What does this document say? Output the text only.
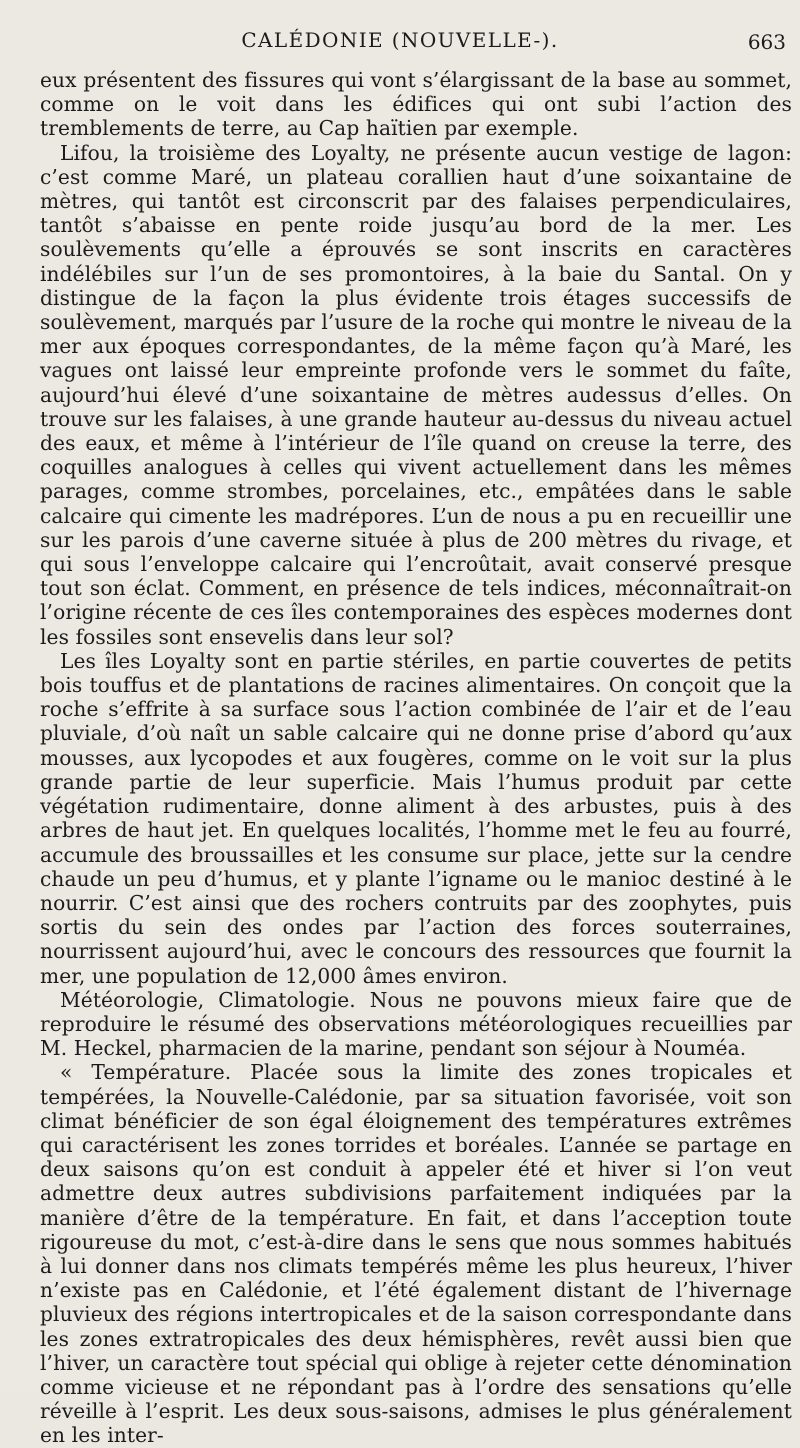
CALÉDONIE (NOUVELLE-).	663

eux présentent des fissures qui vont s’élargissant de la base au sommet, comme on le voit dans les édifices qui ont subi l’action des tremblements de terre, au Cap haïtien par exemple.

Lifou, la troisième des Loyalty, ne présente aucun vestige de lagon: c’est comme Maré, un plateau corallien haut d’une soixantaine de mètres, qui tantôt est circonscrit par des falaises perpendiculaires, tantôt s’abaisse en pente roide jusqu’au bord de la mer. Les soulèvements qu’elle a éprouvés se sont inscrits en caractères indélébiles sur l’un de ses promontoires, à la baie du Santal. On y distingue de la façon la plus évidente trois étages successifs de soulèvement, marqués par l’usure de la roche qui montre le niveau de la mer aux époques correspondantes, de la même façon qu’à Maré, les vagues ont laissé leur empreinte profonde vers le sommet du faîte, aujourd’hui élevé d’une soixantaine de mètres audessus d’elles. On trouve sur les falaises, à une grande hauteur au-dessus du niveau actuel des eaux, et même à l’intérieur de l’île quand on creuse la terre, des coquilles analogues à celles qui vivent actuellement dans les mêmes parages, comme strombes, porcelaines, etc., empâtées dans le sable calcaire qui cimente les madrépores. L’un de nous a pu en recueillir une sur les parois d’une caverne située à plus de 200 mètres du rivage, et qui sous l’enveloppe calcaire qui l’encroûtait, avait conservé presque tout son éclat. Comment, en présence de tels indices, méconnaîtrait-on l’origine récente de ces îles contemporaines des espèces modernes dont les fossiles sont ensevelis dans leur sol?

Les îles Loyalty sont en partie stériles, en partie couvertes de petits bois touffus et de plantations de racines alimentaires. On conçoit que la roche s’effrite à sa surface sous l’action combinée de l’air et de l’eau pluviale, d’où naît un sable calcaire qui ne donne prise d’abord qu’aux mousses, aux lycopodes et aux fougères, comme on le voit sur la plus grande partie de leur superficie. Mais l’humus produit par cette végétation rudimentaire, donne aliment à des arbustes, puis à des arbres de haut jet. En quelques localités, l’homme met le feu au fourré, accumule des broussailles et les consume sur place, jette sur la cendre chaude un peu d’humus, et y plante l’igname ou le manioc destiné à le nourrir. C’est ainsi que des rochers contruits par des zoophytes, puis sortis du sein des ondes par l’action des forces souterraines, nourrissent aujourd’hui, avec le concours des ressources que fournit la mer, une population de 12,000 âmes environ.

Météorologie, Climatologie. Nous ne pouvons mieux faire que de reproduire le résumé des observations météorologiques recueillies par M. Heckel, pharmacien de la marine, pendant son séjour à Nouméa.

« Température. Placée sous la limite des zones tropicales et tempérées, la Nouvelle-Calédonie, par sa situation favorisée, voit son climat bénéficier de son égal éloignement des températures extrêmes qui caractérisent les zones torrides et boréales. L’année se partage en deux saisons qu’on est conduit à appeler été et hiver si l’on veut admettre deux autres subdivisions parfaitement indiquées par la manière d’être de la température. En fait, et dans l’acception toute rigoureuse du mot, c’est-à-dire dans le sens que nous sommes habitués à lui donner dans nos climats tempérés même les plus heureux, l’hiver n’existe pas en Calédonie, et l’été également distant de l’hivernage pluvieux des régions intertropicales et de la saison correspondante dans les zones extratropicales des deux hémisphères, revêt aussi bien que l’hiver, un caractère tout spécial qui oblige à rejeter cette dénomination comme vicieuse et ne répondant pas à l’ordre des sensations qu’elle réveille à l’esprit. Les deux sous-saisons, admises le plus généralement en les inter-
